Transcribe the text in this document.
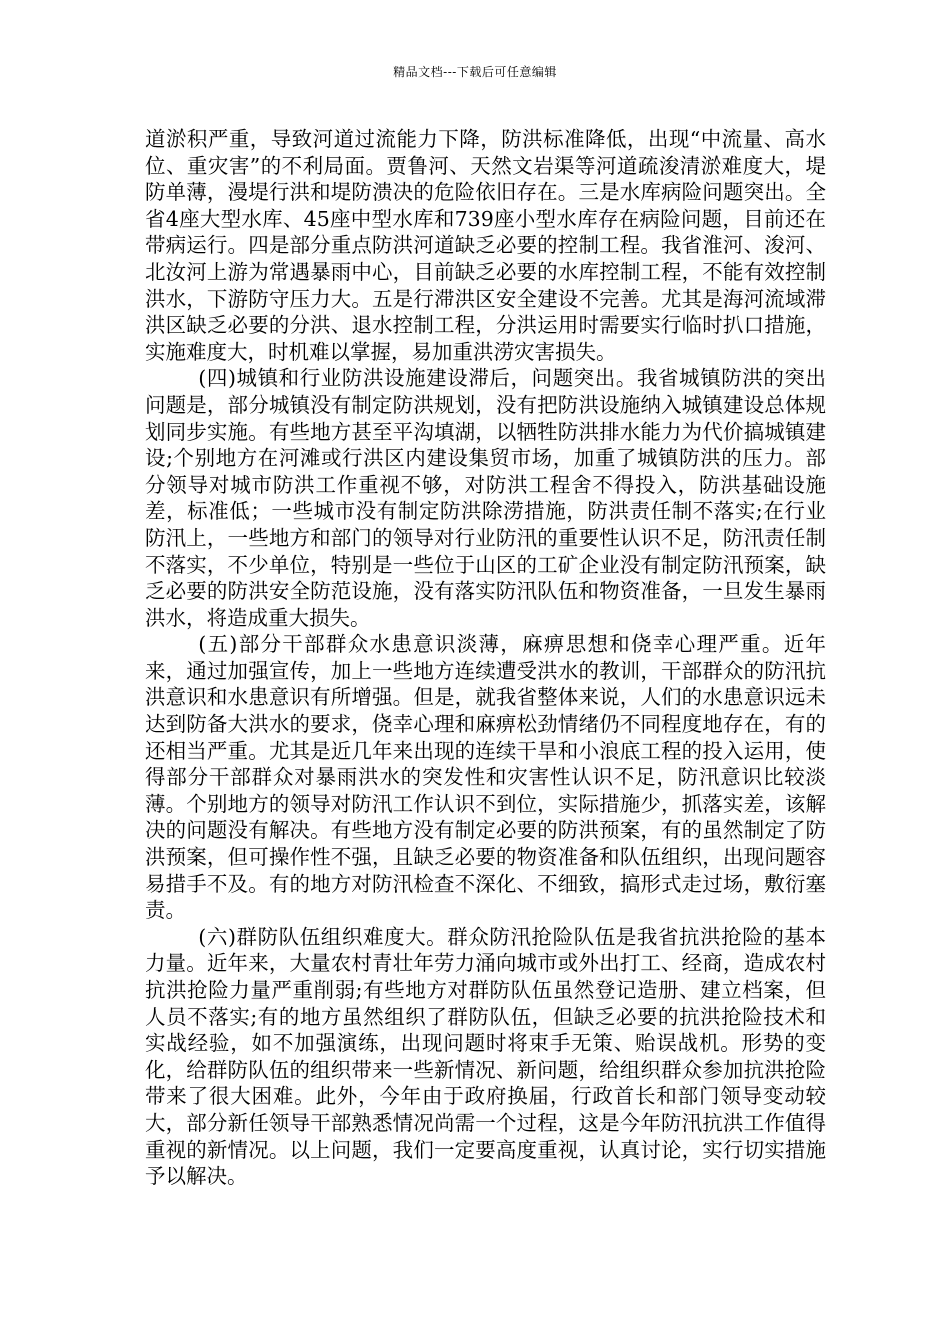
精品文档---下载后可任意编辑

道淤积严重，导致河道过流能力下降，防洪标准降低，出现“中流量、高水位、重灾害”的不利局面。贾鲁河、天然文岩渠等河道疏浚清淤难度大，堤防单薄，漫堤行洪和堤防溃决的危险依旧存在。三是水库病险问题突出。全省4座大型水库、45座中型水库和739座小型水库存在病险问题，目前还在带病运行。四是部分重点防洪河道缺乏必要的控制工程。我省淮河、浚河、北汝河上游为常遇暴雨中心，目前缺乏必要的水库控制工程，不能有效控制洪水，下游防守压力大。五是行滞洪区安全建设不完善。尤其是海河流域滞洪区缺乏必要的分洪、退水控制工程，分洪运用时需要实行临时扒口措施，实施难度大，时机难以掌握，易加重洪涝灾害损失。

(四)城镇和行业防洪设施建设滞后，问题突出。我省城镇防洪的突出问题是，部分城镇没有制定防洪规划，没有把防洪设施纳入城镇建设总体规划同步实施。有些地方甚至平沟填湖，以牺牲防洪排水能力为代价搞城镇建设;个别地方在河滩或行洪区内建设集贸市场，加重了城镇防洪的压力。部分领导对城市防洪工作重视不够，对防洪工程舍不得投入，防洪基础设施差，标准低；一些城市没有制定防洪除涝措施，防洪责任制不落实;在行业防汛上，一些地方和部门的领导对行业防汛的重要性认识不足，防汛责任制不落实，不少单位，特别是一些位于山区的工矿企业没有制定防汛预案，缺乏必要的防洪安全防范设施，没有落实防汛队伍和物资准备，一旦发生暴雨洪水，将造成重大损失。

(五)部分干部群众水患意识淡薄，麻痹思想和侥幸心理严重。近年来，通过加强宣传，加上一些地方连续遭受洪水的教训，干部群众的防汛抗洪意识和水患意识有所增强。但是，就我省整体来说，人们的水患意识远未达到防备大洪水的要求，侥幸心理和麻痹松劲情绪仍不同程度地存在，有的还相当严重。尤其是近几年来出现的连续干旱和小浪底工程的投入运用，使得部分干部群众对暴雨洪水的突发性和灾害性认识不足，防汛意识比较淡薄。个别地方的领导对防汛工作认识不到位，实际措施少，抓落实差，该解决的问题没有解决。有些地方没有制定必要的防洪预案，有的虽然制定了防洪预案，但可操作性不强，且缺乏必要的物资准备和队伍组织，出现问题容易措手不及。有的地方对防汛检查不深化、不细致，搞形式走过场，敷衍塞责。

(六)群防队伍组织难度大。群众防汛抢险队伍是我省抗洪抢险的基本力量。近年来，大量农村青壮年劳力涌向城市或外出打工、经商，造成农村抗洪抢险力量严重削弱;有些地方对群防队伍虽然登记造册、建立档案，但人员不落实;有的地方虽然组织了群防队伍，但缺乏必要的抗洪抢险技术和实战经验，如不加强演练，出现问题时将束手无策、贻误战机。形势的变化，给群防队伍的组织带来一些新情况、新问题，给组织群众参加抗洪抢险带来了很大困难。此外，今年由于政府换届，行政首长和部门领导变动较大，部分新任领导干部熟悉情况尚需一个过程，这是今年防汛抗洪工作值得重视的新情况。以上问题，我们一定要高度重视，认真讨论，实行切实措施予以解决。
